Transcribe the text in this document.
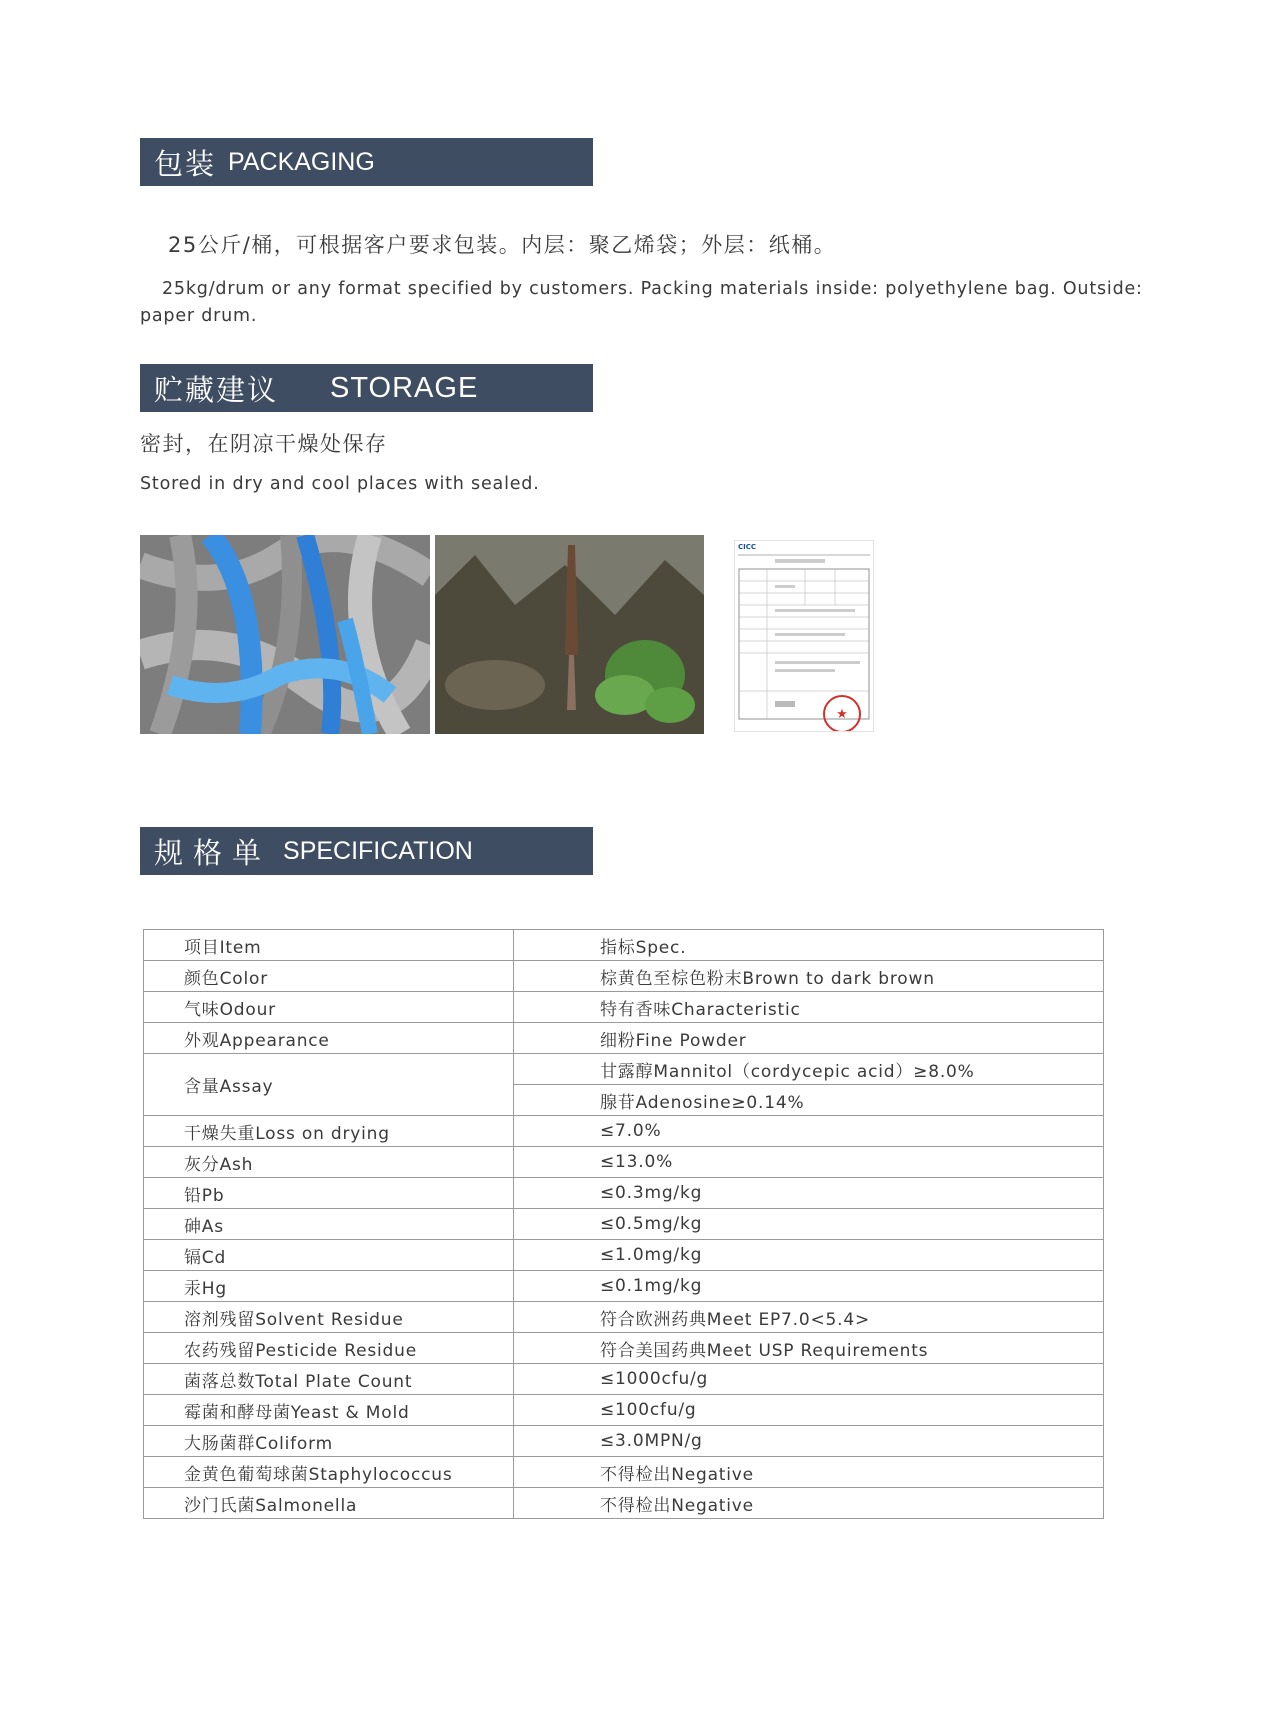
包装 PACKAGING
25公斤/桶，可根据客户要求包装。内层：聚乙烯袋；外层：纸桶。
25kg/drum or any format specified by customers. Packing materials inside: polyethylene bag. Outside: paper drum.
贮藏建议 STORAGE
密封，在阴凉干燥处保存
Stored in dry and cool places with sealed.
CICC
★
规格单 SPECIFICATION
项目Item	指标Spec.
颜色Color	棕黄色至棕色粉末Brown to dark brown
气味Odour	特有香味Characteristic
外观Appearance	细粉Fine Powder
含量Assay	甘露醇Mannitol（cordycepic acid）≥8.0%
	腺苷Adenosine≥0.14%
干燥失重Loss on drying	≤7.0%
灰分Ash	≤13.0%
铅Pb	≤0.3mg/kg
砷As	≤0.5mg/kg
镉Cd	≤1.0mg/kg
汞Hg	≤0.1mg/kg
溶剂残留Solvent Residue	符合欧洲药典Meet EP7.0<5.4>
农药残留Pesticide Residue	符合美国药典Meet USP Requirements
菌落总数Total Plate Count	≤1000cfu/g
霉菌和酵母菌Yeast & Mold	≤100cfu/g
大肠菌群Coliform	≤3.0MPN/g
金黄色葡萄球菌Staphylococcus	不得检出Negative
沙门氏菌Salmonella	不得检出Negative
